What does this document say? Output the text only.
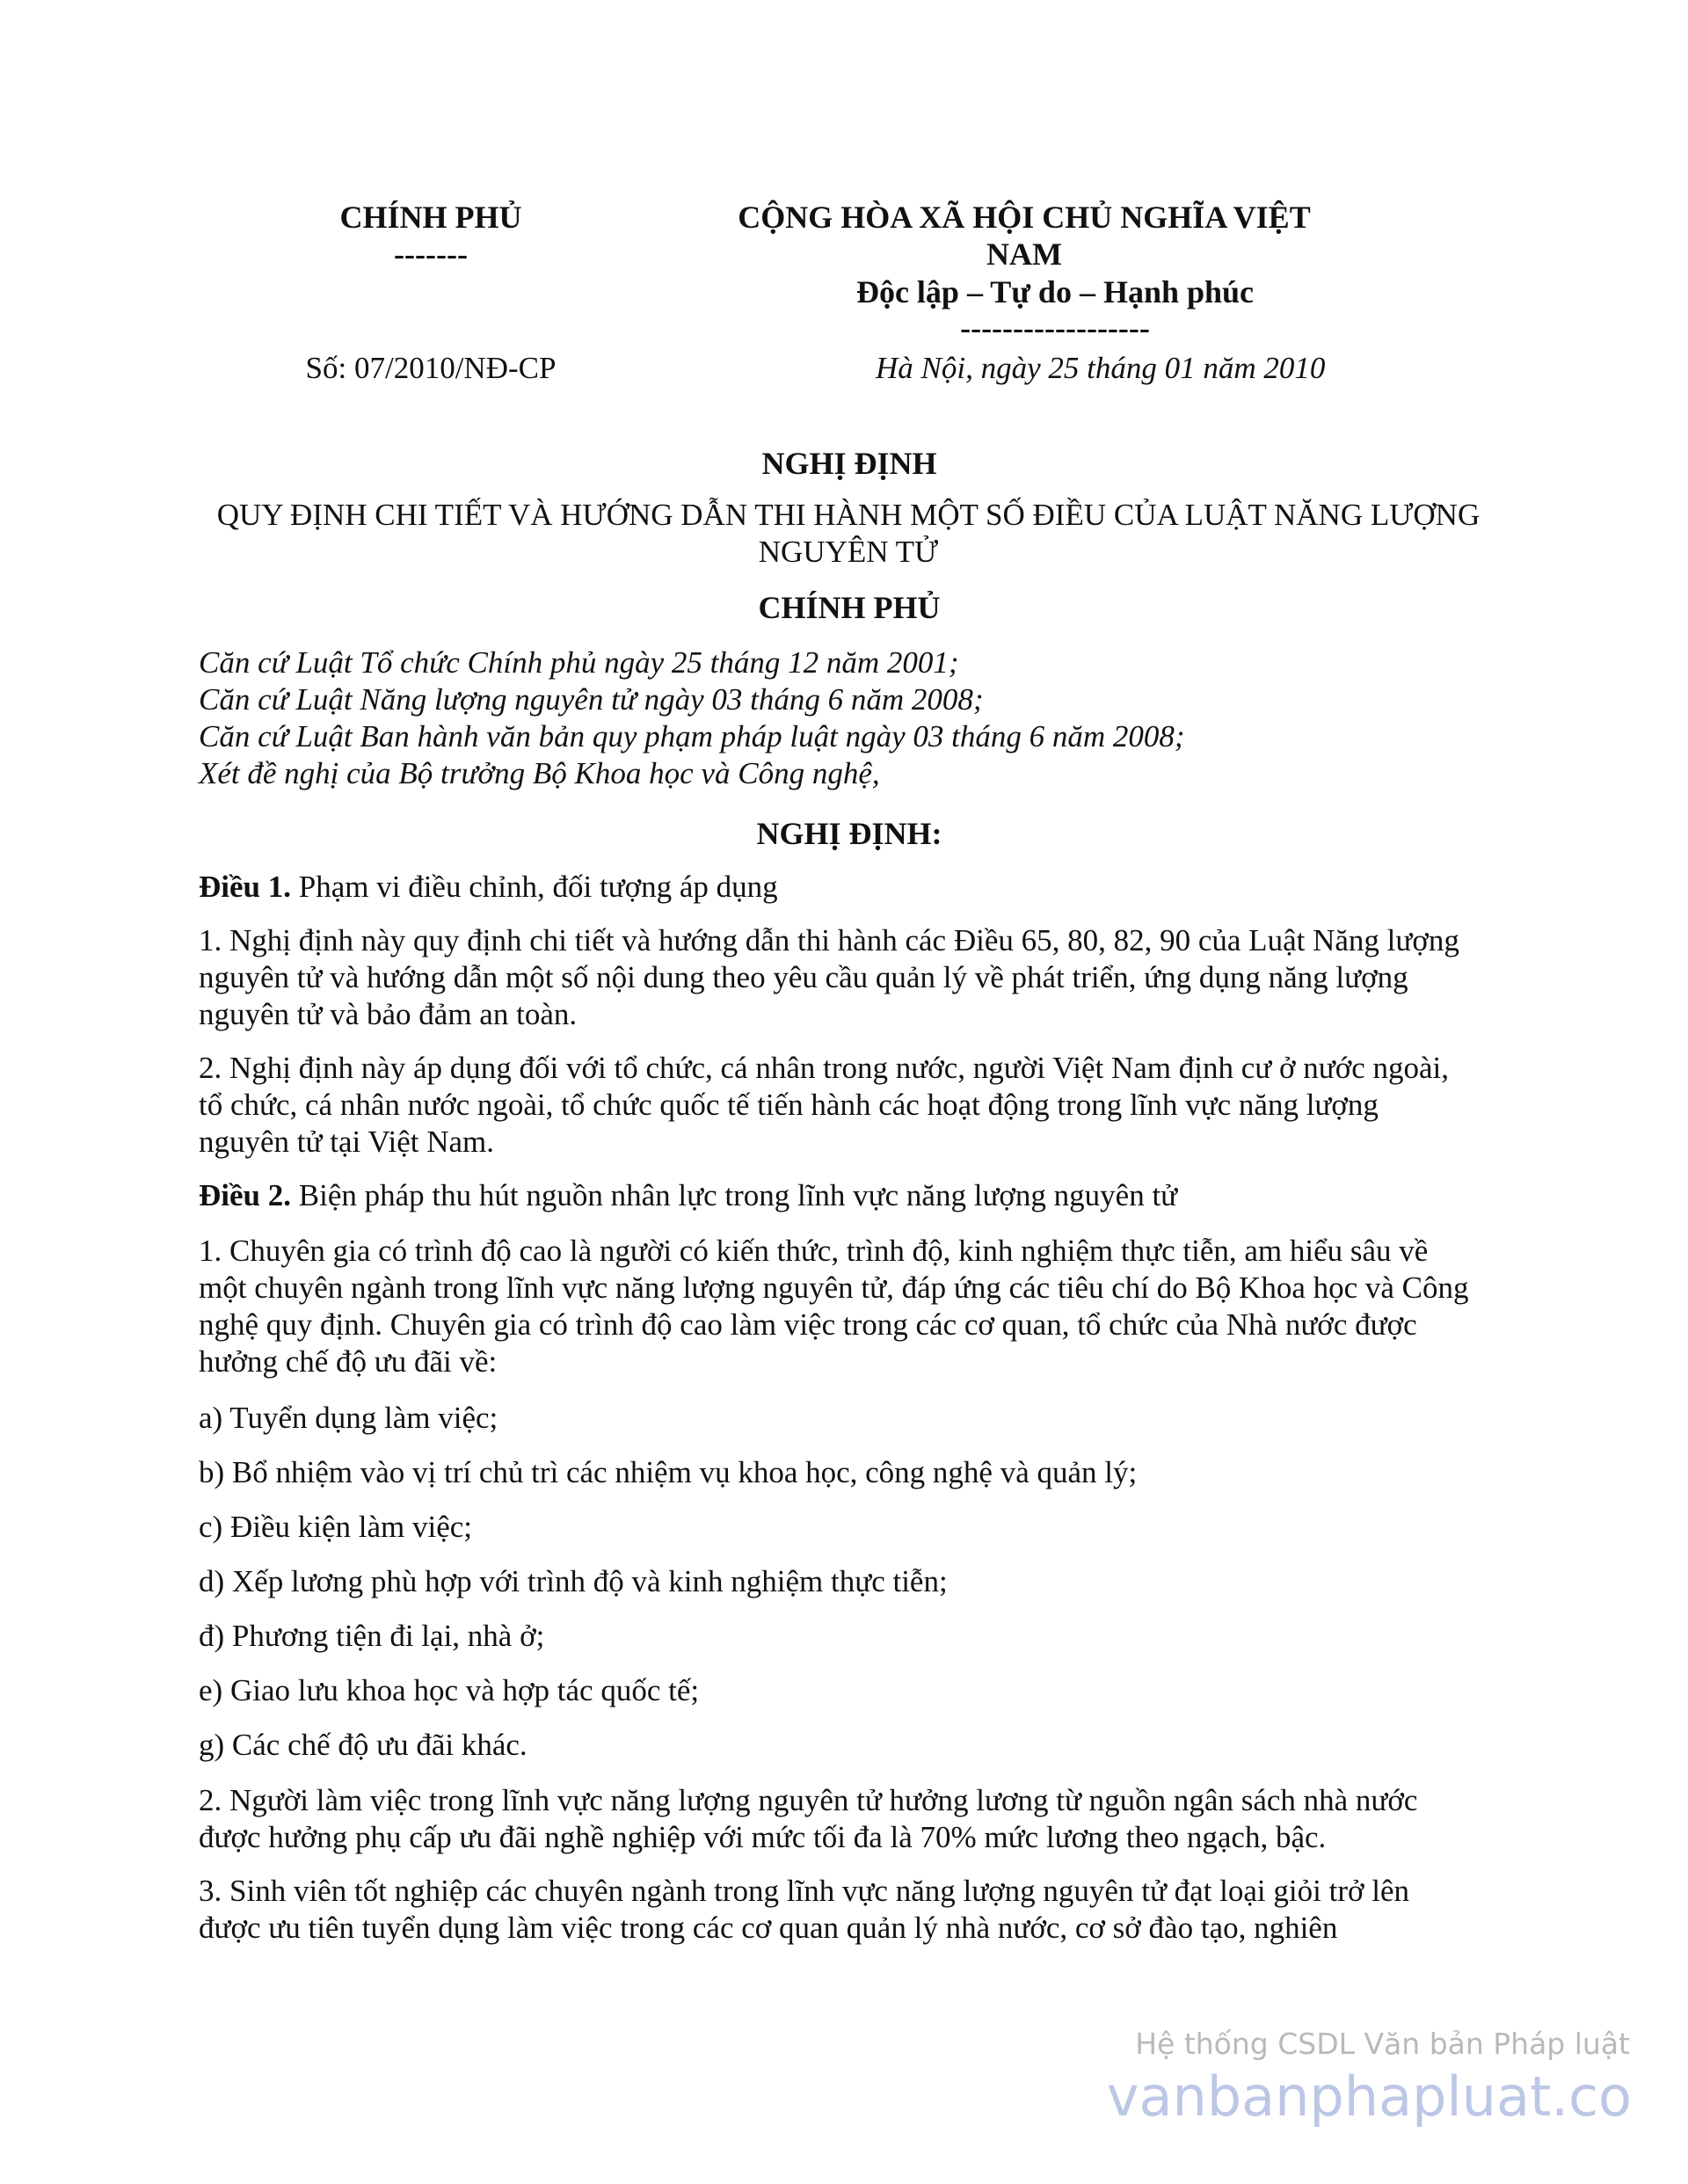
CHÍNH PHỦ
-------
CỘNG HÒA XÃ HỘI CHỦ NGHĨA VIỆT NAM
Độc lập – Tự do – Hạnh phúc
------------------
Số: 07/2010/NĐ-CP	Hà Nội, ngày 25 tháng 01 năm 2010
NGHỊ ĐỊNH
QUY ĐỊNH CHI TIẾT VÀ HƯỚNG DẪN THI HÀNH MỘT SỐ ĐIỀU CỦA LUẬT NĂNG LƯỢNG NGUYÊN TỬ
CHÍNH PHỦ
Căn cứ Luật Tổ chức Chính phủ ngày 25 tháng 12 năm 2001;
Căn cứ Luật Năng lượng nguyên tử ngày 03 tháng 6 năm 2008;
Căn cứ Luật Ban hành văn bản quy phạm pháp luật ngày 03 tháng 6 năm 2008;
Xét đề nghị của Bộ trưởng Bộ Khoa học và Công nghệ,
NGHỊ ĐỊNH:
Điều 1. Phạm vi điều chỉnh, đối tượng áp dụng

1. Nghị định này quy định chi tiết và hướng dẫn thi hành các Điều 65, 80, 82, 90 của Luật Năng lượng nguyên tử và hướng dẫn một số nội dung theo yêu cầu quản lý về phát triển, ứng dụng năng lượng nguyên tử và bảo đảm an toàn.

2. Nghị định này áp dụng đối với tổ chức, cá nhân trong nước, người Việt Nam định cư ở nước ngoài, tổ chức, cá nhân nước ngoài, tổ chức quốc tế tiến hành các hoạt động trong lĩnh vực năng lượng nguyên tử tại Việt Nam.

Điều 2. Biện pháp thu hút nguồn nhân lực trong lĩnh vực năng lượng nguyên tử

1. Chuyên gia có trình độ cao là người có kiến thức, trình độ, kinh nghiệm thực tiễn, am hiểu sâu về một chuyên ngành trong lĩnh vực năng lượng nguyên tử, đáp ứng các tiêu chí do Bộ Khoa học và Công nghệ quy định. Chuyên gia có trình độ cao làm việc trong các cơ quan, tổ chức của Nhà nước được hưởng chế độ ưu đãi về:

a) Tuyển dụng làm việc;
b) Bổ nhiệm vào vị trí chủ trì các nhiệm vụ khoa học, công nghệ và quản lý;
c) Điều kiện làm việc;
d) Xếp lương phù hợp với trình độ và kinh nghiệm thực tiễn;
đ) Phương tiện đi lại, nhà ở;
e) Giao lưu khoa học và hợp tác quốc tế;
g) Các chế độ ưu đãi khác.

2. Người làm việc trong lĩnh vực năng lượng nguyên tử hưởng lương từ nguồn ngân sách nhà nước được hưởng phụ cấp ưu đãi nghề nghiệp với mức tối đa là 70% mức lương theo ngạch, bậc.

3. Sinh viên tốt nghiệp các chuyên ngành trong lĩnh vực năng lượng nguyên tử đạt loại giỏi trở lên được ưu tiên tuyển dụng làm việc trong các cơ quan quản lý nhà nước, cơ sở đào tạo, nghiên

Hệ thống CSDL Văn bản Pháp luật
vanbanphapluat.co
